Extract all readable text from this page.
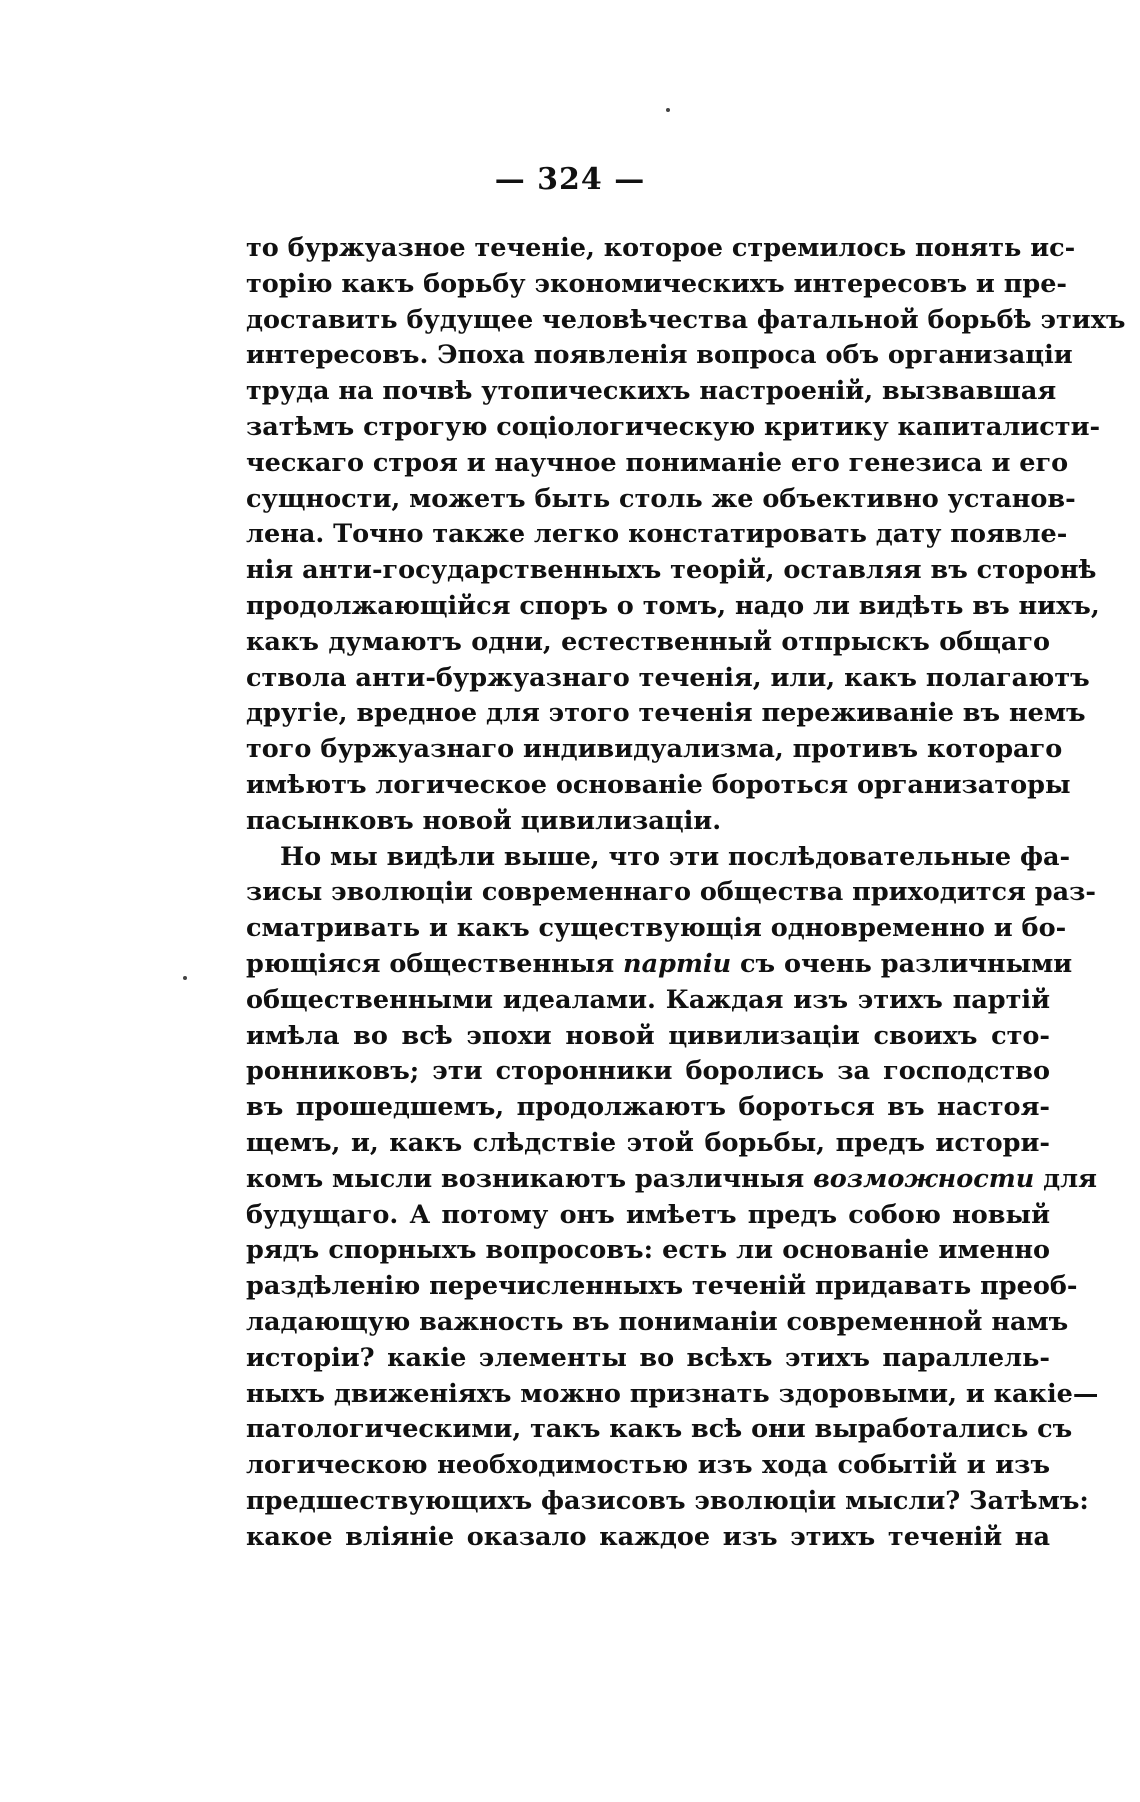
— 324 —
то буржуазное теченіе, которое стремилось понять ис-
торію какъ борьбу экономическихъ интересовъ и пре-
доставить будущее человѣчества фатальной борьбѣ этихъ
интересовъ. Эпоха появленія вопроса объ организаціи
труда на почвѣ утопическихъ настроеній, вызвавшая
затѣмъ строгую соціологическую критику капиталисти-
ческаго строя и научное пониманіе его генезиса и его
сущности, можетъ быть столь же объективно установ-
лена. Точно также легко констатировать дату появле-
нія анти-государственныхъ теорій, оставляя въ сторонѣ
продолжающійся споръ о томъ, надо ли видѣть въ нихъ,
какъ думаютъ одни, естественный отпрыскъ общаго
ствола анти-буржуазнаго теченія, или, какъ полагаютъ
другіе, вредное для этого теченія переживаніе въ немъ
того буржуазнаго индивидуализма, противъ котораго
имѣютъ логическое основаніе бороться организаторы
пасынковъ новой цивилизаціи.
Но мы видѣли выше, что эти послѣдовательные фа-
зисы эволюціи современнаго общества приходится раз-
сматривать и какъ существующія одновременно и бо-
рющіяся общественныя партіи съ очень различными
общественными идеалами. Каждая изъ этихъ партій
имѣла во всѣ эпохи новой цивилизаціи своихъ сто-
ронниковъ; эти сторонники боролись за господство
въ прошедшемъ, продолжаютъ бороться въ настоя-
щемъ, и, какъ слѣдствіе этой борьбы, предъ истори-
комъ мысли возникаютъ различныя возможности для
будущаго. А потому онъ имѣетъ предъ собою новый
рядъ спорныхъ вопросовъ: есть ли основаніе именно
раздѣленію перечисленныхъ теченій придавать преоб-
ладающую важность въ пониманіи современной намъ
исторіи? какіе элементы во всѣхъ этихъ параллель-
ныхъ движеніяхъ можно признать здоровыми, и какіе—
патологическими, такъ какъ всѣ они выработались съ
логическою необходимостью изъ хода событій и изъ
предшествующихъ фазисовъ эволюціи мысли? Затѣмъ:
какое вліяніе оказало каждое изъ этихъ теченій на
